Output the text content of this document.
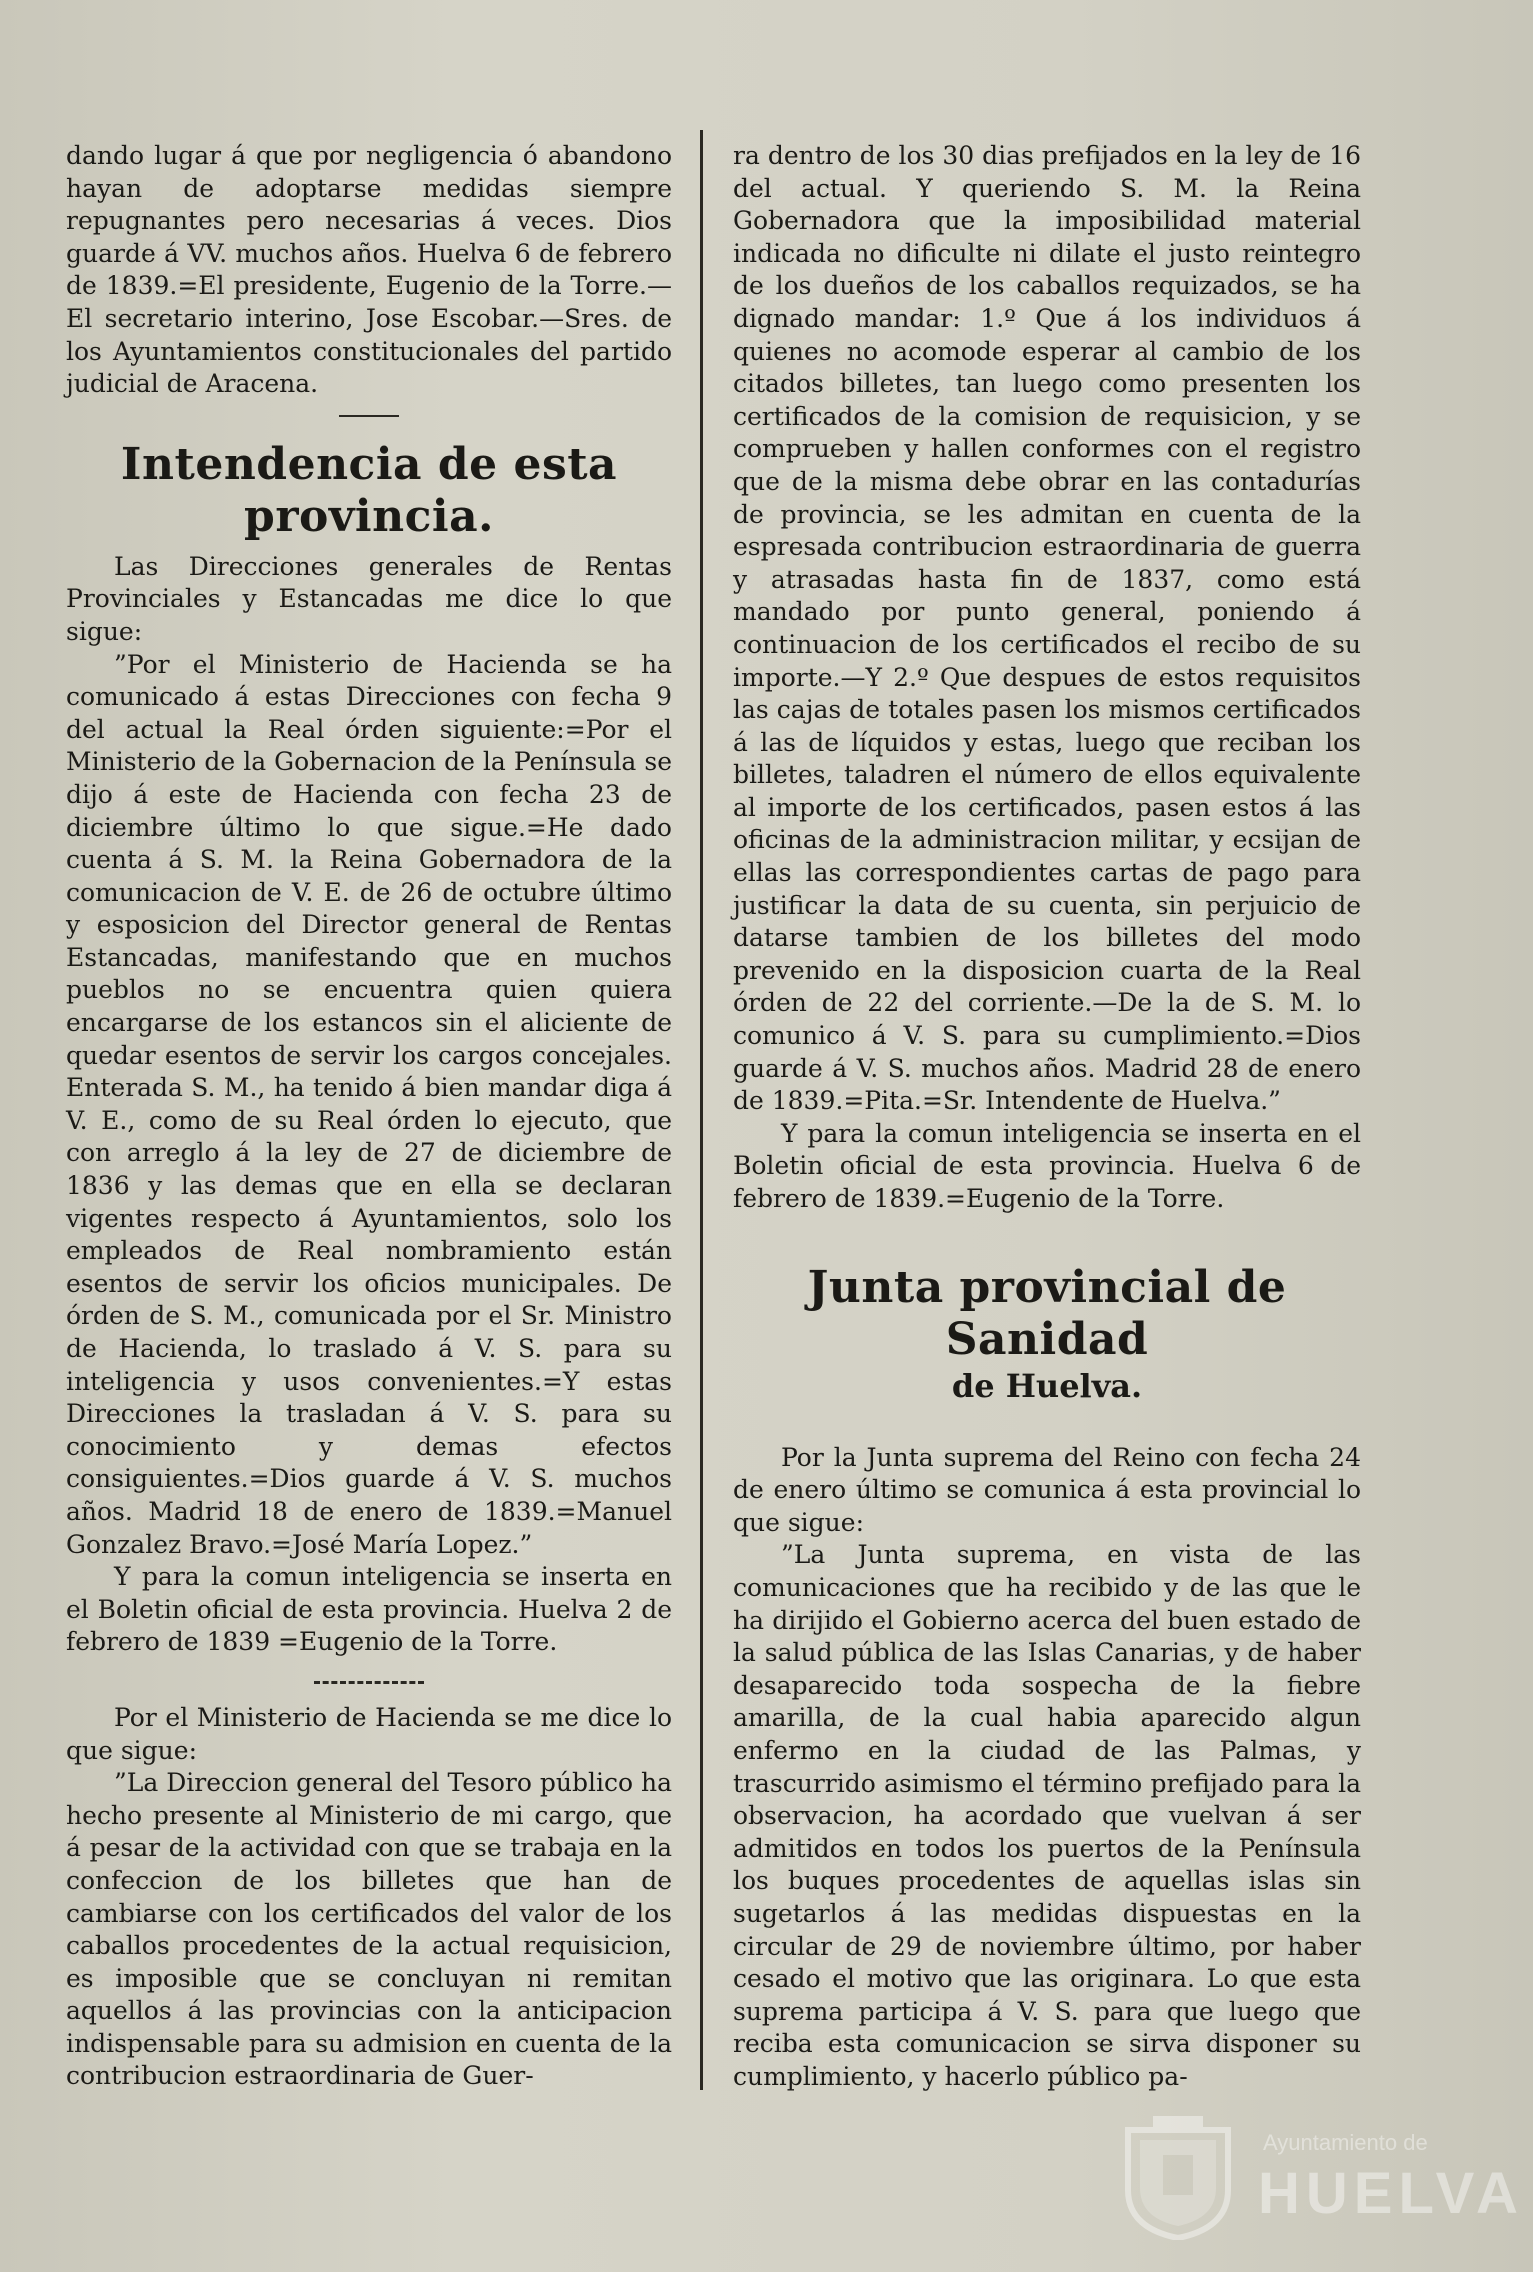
dando lugar á que por negligencia ó abandono hayan de adoptarse medidas siempre repugnantes pero necesarias á veces. Dios guarde á VV. muchos años. Huelva 6 de febrero de 1839.=El presidente, Eugenio de la Torre.—El secretario interino, Jose Escobar.—Sres. de los Ayuntamientos constitucionales del partido judicial de Aracena.

Intendencia de esta provincia.

Las Direcciones generales de Rentas Provinciales y Estancadas me dice lo que sigue:

”Por el Ministerio de Hacienda se ha comunicado á estas Direcciones con fecha 9 del actual la Real órden siguiente:=Por el Ministerio de la Gobernacion de la Península se dijo á este de Hacienda con fecha 23 de diciembre último lo que sigue.=He dado cuenta á S. M. la Reina Gobernadora de la comunicacion de V. E. de 26 de octubre último y esposicion del Director general de Rentas Estancadas, manifestando que en muchos pueblos no se encuentra quien quiera encargarse de los estancos sin el aliciente de quedar esentos de servir los cargos concejales. Enterada S. M., ha tenido á bien mandar diga á V. E., como de su Real órden lo ejecuto, que con arreglo á la ley de 27 de diciembre de 1836 y las demas que en ella se declaran vigentes respecto á Ayuntamientos, solo los empleados de Real nombramiento están esentos de servir los oficios municipales. De órden de S. M., comunicada por el Sr. Ministro de Hacienda, lo traslado á V. S. para su inteligencia y usos convenientes.=Y estas Direcciones la trasladan á V. S. para su conocimiento y demas efectos consiguientes.=Dios guarde á V. S. muchos años. Madrid 18 de enero de 1839.=Manuel Gonzalez Bravo.=José María Lopez.”

Y para la comun inteligencia se inserta en el Boletin oficial de esta provincia. Huelva 2 de febrero de 1839 =Eugenio de la Torre.

Por el Ministerio de Hacienda se me dice lo que sigue:

”La Direccion general del Tesoro público ha hecho presente al Ministerio de mi cargo, que á pesar de la actividad con que se trabaja en la confeccion de los billetes que han de cambiarse con los certificados del valor de los caballos procedentes de la actual requisicion, es imposible que se concluyan ni remitan aquellos á las provincias con la anticipacion indispensable para su admision en cuenta de la contribucion estraordinaria de Guer-

ra dentro de los 30 dias prefijados en la ley de 16 del actual. Y queriendo S. M. la Reina Gobernadora que la imposibilidad material indicada no dificulte ni dilate el justo reintegro de los dueños de los caballos requizados, se ha dignado mandar: 1.º Que á los individuos á quienes no acomode esperar al cambio de los citados billetes, tan luego como presenten los certificados de la comision de requisicion, y se comprueben y hallen conformes con el registro que de la misma debe obrar en las contadurías de provincia, se les admitan en cuenta de la espresada contribucion estraordinaria de guerra y atrasadas hasta fin de 1837, como está mandado por punto general, poniendo á continuacion de los certificados el recibo de su importe.—Y 2.º Que despues de estos requisitos las cajas de totales pasen los mismos certificados á las de líquidos y estas, luego que reciban los billetes, taladren el número de ellos equivalente al importe de los certificados, pasen estos á las oficinas de la administracion militar, y ecsijan de ellas las correspondientes cartas de pago para justificar la data de su cuenta, sin perjuicio de datarse tambien de los billetes del modo prevenido en la disposicion cuarta de la Real órden de 22 del corriente.—De la de S. M. lo comunico á V. S. para su cumplimiento.=Dios guarde á V. S. muchos años. Madrid 28 de enero de 1839.=Pita.=Sr. Intendente de Huelva.”

Y para la comun inteligencia se inserta en el Boletin oficial de esta provincia. Huelva 6 de febrero de 1839.=Eugenio de la Torre.

Junta provincial de Sanidad
de Huelva.

Por la Junta suprema del Reino con fecha 24 de enero último se comunica á esta provincial lo que sigue:

”La Junta suprema, en vista de las comunicaciones que ha recibido y de las que le ha dirijido el Gobierno acerca del buen estado de la salud pública de las Islas Canarias, y de haber desaparecido toda sospecha de la fiebre amarilla, de la cual habia aparecido algun enfermo en la ciudad de las Palmas, y trascurrido asimismo el término prefijado para la observacion, ha acordado que vuelvan á ser admitidos en todos los puertos de la Península los buques procedentes de aquellas islas sin sugetarlos á las medidas dispuestas en la circular de 29 de noviembre último, por haber cesado el motivo que las originara. Lo que esta suprema participa á V. S. para que luego que reciba esta comunicacion se sirva disponer su cumplimiento, y hacerlo público pa-

Ayuntamiento de
HUELVA
